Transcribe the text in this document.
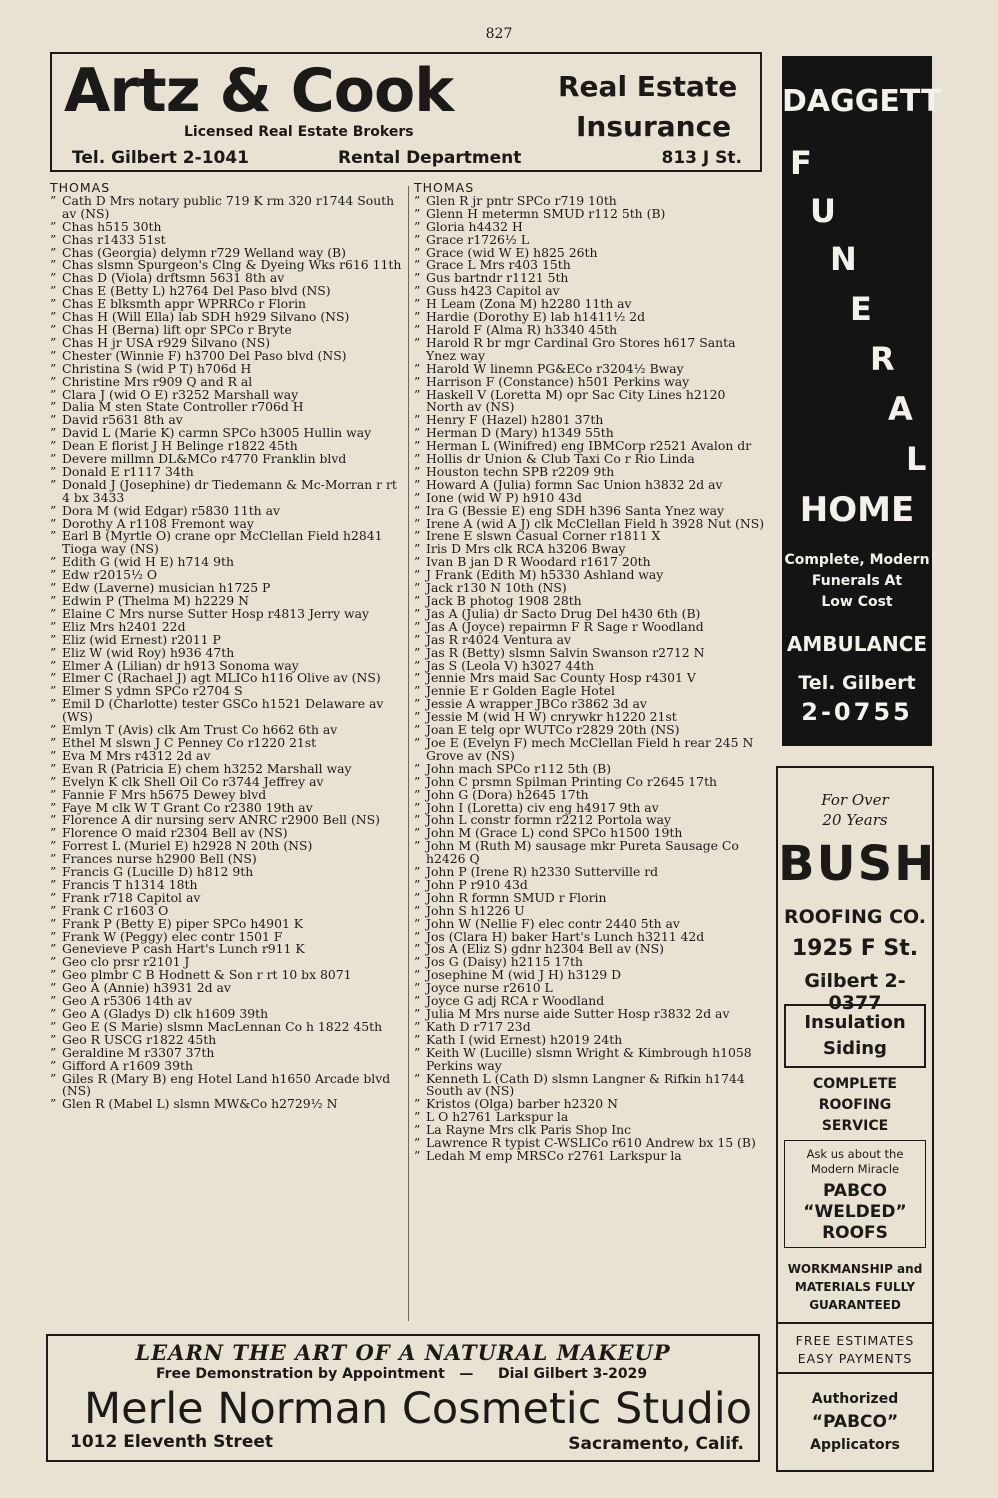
827
Artz & Cook
Licensed Real Estate Brokers
Real Estate
Insurance
Tel. Gilbert 2-1041	Rental Department	813 J St.
THOMAS
” Cath D Mrs notary public 719 K rm 320 r1744 South av (NS)
” Chas h515 30th
” Chas r1433 51st
” Chas (Georgia) delymn r729 Welland way (B)
” Chas slsmn Spurgeon's Clng & Dyeing Wks r616 11th
” Chas D (Viola) drftsmn 5631 8th av
” Chas E (Betty L) h2764 Del Paso blvd (NS)
” Chas E blksmth appr WPRRCo r Florin
” Chas H (Will Ella) lab SDH h929 Silvano (NS)
” Chas H (Berna) lift opr SPCo r Bryte
” Chas H jr USA r929 Silvano (NS)
” Chester (Winnie F) h3700 Del Paso blvd (NS)
” Christina S (wid P T) h706d H
” Christine Mrs r909 Q and R al
” Clara J (wid O E) r3252 Marshall way
” Dalia M sten State Controller r706d H
” David r5631 8th av
” David L (Marie K) carmn SPCo h3005 Hullin way
” Dean E florist J H Belinge r1822 45th
” Devere millmn DL&MCo r4770 Franklin blvd
” Donald E r1117 34th
” Donald J (Josephine) dr Tiedemann & Mc-Morran r rt 4 bx 3433
” Dora M (wid Edgar) r5830 11th av
” Dorothy A r1108 Fremont way
” Earl B (Myrtle O) crane opr McClellan Field h2841 Tioga way (NS)
” Edith G (wid H E) h714 9th
” Edw r2015½ O
” Edw (Laverne) musician h1725 P
” Edwin P (Thelma M) h2229 N
” Elaine C Mrs nurse Sutter Hosp r4813 Jerry way
” Eliz Mrs h2401 22d
” Eliz (wid Ernest) r2011 P
” Eliz W (wid Roy) h936 47th
” Elmer A (Lilian) dr h913 Sonoma way
” Elmer C (Rachael J) agt MLICo h116 Olive av (NS)
” Elmer S ydmn SPCo r2704 S
” Emil D (Charlotte) tester GSCo h1521 Delaware av (WS)
” Emlyn T (Avis) clk Am Trust Co h662 6th av
” Ethel M slswn J C Penney Co r1220 21st
” Eva M Mrs r4312 2d av
” Evan R (Patricia E) chem h3252 Marshall way
” Evelyn K clk Shell Oil Co r3744 Jeffrey av
” Fannie F Mrs h5675 Dewey blvd
” Faye M clk W T Grant Co r2380 19th av
” Florence A dir nursing serv ANRC r2900 Bell (NS)
” Florence O maid r2304 Bell av (NS)
” Forrest L (Muriel E) h2928 N 20th (NS)
” Frances nurse h2900 Bell (NS)
” Francis G (Lucille D) h812 9th
” Francis T h1314 18th
” Frank r718 Capitol av
” Frank C r1603 O
” Frank P (Betty E) piper SPCo h4901 K
” Frank W (Peggy) elec contr 1501 F
” Genevieve P cash Hart's Lunch r911 K
” Geo clo prsr r2101 J
” Geo plmbr C B Hodnett & Son r rt 10 bx 8071
” Geo A (Annie) h3931 2d av
” Geo A r5306 14th av
” Geo A (Gladys D) clk h1609 39th
” Geo E (S Marie) slsmn MacLennan Co h 1822 45th
” Geo R USCG r1822 45th
” Geraldine M r3307 37th
” Gifford A r1609 39th
” Giles R (Mary B) eng Hotel Land h1650 Arcade blvd (NS)
” Glen R (Mabel L) slsmn MW&Co h2729½ N
THOMAS
” Glen R jr pntr SPCo r719 10th
” Glenn H metermn SMUD r112 5th (B)
” Gloria h4432 H
” Grace r1726½ L
” Grace (wid W E) h825 26th
” Grace L Mrs r403 15th
” Gus bartndr r1121 5th
” Guss h423 Capitol av
” H Leam (Zona M) h2280 11th av
” Hardie (Dorothy E) lab h1411½ 2d
” Harold F (Alma R) h3340 45th
” Harold R br mgr Cardinal Gro Stores h617 Santa Ynez way
” Harold W linemn PG&ECo r3204½ Bway
” Harrison F (Constance) h501 Perkins way
” Haskell V (Loretta M) opr Sac City Lines h2120 North av (NS)
” Henry F (Hazel) h2801 37th
” Herman D (Mary) h1349 55th
” Herman L (Winifred) eng IBMCorp r2521 Avalon dr
” Hollis dr Union & Club Taxi Co r Rio Linda
” Houston techn SPB r2209 9th
” Howard A (Julia) formn Sac Union h3832 2d av
” Ione (wid W P) h910 43d
” Ira G (Bessie E) eng SDH h396 Santa Ynez way
” Irene A (wid A J) clk McClellan Field h 3928 Nut (NS)
” Irene E slswn Casual Corner r1811 X
” Iris D Mrs clk RCA h3206 Bway
” Ivan B jan D R Woodard r1617 20th
” J Frank (Edith M) h5330 Ashland way
” Jack r130 N 10th (NS)
” Jack B photog 1908 28th
” Jas A (Julia) dr Sacto Drug Del h430 6th (B)
” Jas A (Joyce) repairmn F R Sage r Woodland
” Jas R r4024 Ventura av
” Jas R (Betty) slsmn Salvin Swanson r2712 N
” Jas S (Leola V) h3027 44th
” Jennie Mrs maid Sac County Hosp r4301 V
” Jennie E r Golden Eagle Hotel
” Jessie A wrapper JBCo r3862 3d av
” Jessie M (wid H W) cnrywkr h1220 21st
” Joan E telg opr WUTCo r2829 20th (NS)
” Joe E (Evelyn F) mech McClellan Field h rear 245 N Grove av (NS)
” John mach SPCo r112 5th (B)
” John C prsmn Spilman Printing Co r2645 17th
” John G (Dora) h2645 17th
” John I (Loretta) civ eng h4917 9th av
” John L constr formn r2212 Portola way
” John M (Grace L) cond SPCo h1500 19th
” John M (Ruth M) sausage mkr Pureta Sausage Co h2426 Q
” John P (Irene R) h2330 Sutterville rd
” John P r910 43d
” John R formn SMUD r Florin
” John S h1226 U
” John W (Nellie F) elec contr 2440 5th av
” Jos (Clara H) baker Hart's Lunch h3211 42d
” Jos A (Eliz S) gdnr h2304 Bell av (NS)
” Jos G (Daisy) h2115 17th
” Josephine M (wid J H) h3129 D
” Joyce nurse r2610 L
” Joyce G adj RCA r Woodland
” Julia M Mrs nurse aide Sutter Hosp r3832 2d av
” Kath D r717 23d
” Kath I (wid Ernest) h2019 24th
” Keith W (Lucille) slsmn Wright & Kimbrough h1058 Perkins way
” Kenneth L (Cath D) slsmn Langner & Rifkin h1744 South av (NS)
” Kristos (Olga) barber h2320 N
” L O h2761 Larkspur la
” La Rayne Mrs clk Paris Shop Inc
” Lawrence R typist C-WSLICo r610 Andrew bx 15 (B)
” Ledah M emp MRSCo r2761 Larkspur la
LEARN THE ART OF A NATURAL MAKEUP
Free Demonstration by Appointment — Dial Gilbert 3-2029
Merle Norman Cosmetic Studio
1012 Eleventh Street	Sacramento, Calif.
DAGGETT
F
U
N
E
R
A
L
HOME
Complete, Modern
Funerals At
Low Cost
AMBULANCE
Tel. Gilbert
2-0755
For Over
20 Years
BUSH
ROOFING CO.
1925 F St.
Gilbert 2-0377
Insulation
Siding
COMPLETE
ROOFING
SERVICE
Ask us about the
Modern Miracle
PABCO
“WELDED”
ROOFS
WORKMANSHIP and
MATERIALS FULLY
GUARANTEED
FREE ESTIMATES
EASY PAYMENTS
Authorized
“PABCO”
Applicators
